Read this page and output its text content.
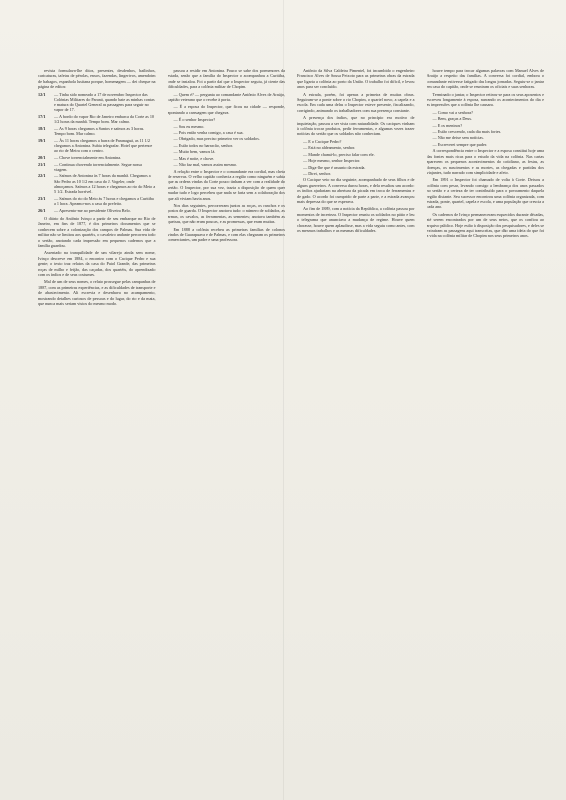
revista formulava-lhe ditos, presentes, desdenhos, bailinhos, caricaturas, tafetas de pérolas, enxos, fazendas, lingerivos, amendoim de babagos, espanhola lusitana porque, homenagem — dei cheque na página de editos:

12/1	— Tinha sido nomeado a 17 de novembro Inspector das Colónias Militares do Paraná, quando bate as minhas contas e matura do Quartel General as passagens para seguir no vapor de 17.
17/1	— A bordo do vapor Rio de Janeiro embarca da Corte as 10 1/2 horas da manhã. Tempo bom. Mar calmo.
18/1	— As 9 horas chegamos a Santos e saímos as 3 horas. Tempo bom. Mar calmo.
19/1	— Às 11 horas chegamos a barra de Paranaguá, as 11 1/2 chegamos a Antonina. Subia telegrafar. Hotel que pertence ao rio de Meira com o centro.
20/1	— Chove torrencialmente em Antonina.
21/1	— Continua chovendo torrencialmente. Segue nossa viagem.
22/1	— Saímos de Antonina às 7 horas da manhã. Chegamos a São Pedro as 10 1/2 em casa do J. Vogeler, onde almoçamos. Saímos a 12 horas e chegamos ao rio do Meio a 5 1/2. Estrada horrível.
23/1	— Saímos do rio do Meio às 7 horas e chegamos a Curitiba a 1 hora. Apeamo-nos a casa do prefeito.
26/1	— Apresento-me ao presidente Oliveira Belo.

O diário do Antônio Ivinço a partir de seu embarque no Rio de Janeiro, em fins de 1877, é dos primeiros documentos que se conhecem sobre a colonização dos campos de Palmas. Sua vida de militar não se limitou aos quartéis, o cavaleiro andante percorreu todo o sertão, anotando cada impressão em pequenos cadernos que a família guardou.

Assentado na tranquilidade de um vilarejo ainda sem nome, Ivinço descreve em 1884, o encontro com o Cacique Pedro e sua gente; o texto traz relatos da casa do Paiol Grande, das primeiras roças de milho e feijão, das caçadas, dos quartéis, do aprendizado com os índios e de seus costumes.

Mal de um de seus nomes, o relato prossegue pelas campanhas de 1887, com as primeiras experiências, e as dificuldades de transporte e de abastecimento. Ali escrevia e desenhava no acampamento, mostrando detalhes curiosos de pessoas e do lugar, do rio e da mata, que nunca mais seriam vistos do mesmo modo.

passou a residir em Antonina. Pouco se sabe dos pormenores da estada, senão que a família do Inspector o acompanhou a Curitiba, onde se instalou. Foi a partir daí que o Inspector seguiu, já ciente das dificuldades, para a colônia militar de Chopim.

— Quem é? — pergunta ao comandante Antônio Alves de Araújo, capitão veterano que o recebe à porta.

— É a esposa do Inspector, que ficou na cidade — responde, apontando a carruagem que chegava.

— É o senhor Inspector?

— Sou eu mesmo.

— Pois então venha comigo, a casa é sua.

— Obrigado, mas preciso primeiro ver os soldados.

— Estão todos no barracão, senhor.

— Muito bem, vamos lá.

— Mas é noite, e chove.

— Não faz mal, vamos assim mesmo.

A relação entre o Inspector e o comandante era cordial, mas cheia de reservas. O velho capitão conhecia a região como ninguém e sabia que as ordens vindas da Corte pouco tinham a ver com a realidade do sertão. O Inspector, por sua vez, trazia a disposição de quem quer mudar tudo e logo percebeu que nada se faria sem a colaboração dos que ali viviam havia anos.

Nos dias seguintes, percorreram juntos as roças, os ranchos e os postos de guarda. O Inspector anotava tudo: o número de soldados, as armas, os cavalos, as ferramentas, as sementes; anotava também as queixas, que não eram poucas, e as promessas, que eram muitas.

Em 1888 a colônia recebeu as primeiras famílias de colonos vindos de Guarapuava e de Palmas, e com elas chegaram os primeiros comerciantes, um padre e uma professora.

Antônio da Silva Caldeira Pimentel, foi incumbido o engenheiro Francisco Alves de Sousa Peixoto para as primeiras obras da estrada que ligaria a colônia ao porto da União. O trabalho foi difícil, e levou anos para ser concluído.

A estrada, porém, foi apenas a primeira de muitas obras. Seguiram-se a ponte sobre o rio Chopim, o quartel novo, a capela e a escola. Em cada uma delas o Inspector esteve presente, fiscalizando, corrigindo, animando os trabalhadores com sua presença constante.

A presença dos índios, que no princípio era motivo de inquietação, passou a ser vista com naturalidade. Os caciques vinham à colônia trocar produtos, pedir ferramentas, e algumas vezes trazer notícias do sertão que os soldados não conheciam.

— E o Cacique Pedro?

— Está no aldeamento, senhor.

— Mande chamá-lo, preciso falar com ele.

— Hoje mesmo, senhor Inspector.

— Diga-lhe que é assunto da estrada.

— Direi, senhor.

O Cacique veio no dia seguinte, acompanhado de seus filhos e de alguns guerreiros. A conversa durou horas, e dela resultou um acordo: os índios ajudariam na abertura da picada em troca de ferramentas e de gado. O acordo foi cumprido de parte a parte, e a estrada avançou mais depressa do que se esperava.

Ao fim de 1889, com a notícia da República, a colônia passou por momentos de incerteza. O Inspector reuniu os soldados no pátio e leu o telegrama que anunciava a mudança de regime. Houve quem chorasse, houve quem aplaudisse, mas a vida seguiu como antes, com os mesmos trabalhos e as mesmas dificuldades.

houve tempo para trocar algumas palavras com Manuel Alves de Araújo a respeito das famílias. A conversa foi cordial, embora o comandante estivesse fatigado das longas jornadas. Seguiu-se o jantar em casa do capitão, onde se reuniram os oficiais e suas senhoras.

Terminado o jantar, o Inspector retirou-se para os seus aposentos e escreveu longamente à esposa, narrando os acontecimentos do dia e as impressões que a colônia lhe causara.

— Como vai a senhora?

— Bem, graças a Deus.

— E os meninos?

— Estão crescendo, cada dia mais fortes.

— Não me deixe sem notícias.

— Escreverei sempre que puder.

A correspondência entre o Inspector e a esposa constitui hoje uma das fontes mais ricas para o estudo da vida na colônia. Nas cartas aparecem os pequenos acontecimentos do cotidiano, as festas, as doenças, os nascimentos e as mortes, as chegadas e partidas dos viajantes, tudo narrado com simplicidade e afeto.

Em 1891 o Inspector foi chamado de volta à Corte. Deixou a colônia com pesar, levando consigo a lembrança dos anos passados no sertão e a certeza de ter contribuído para o povoamento daquela região distante. Seu sucessor encontrou uma colônia organizada, com estrada, ponte, quartel, capela e escola, e uma população que crescia a cada ano.

Os cadernos de Ivinço permaneceram esquecidos durante décadas, até serem encontrados por um de seus netos, que os confiou ao arquivo público. Hoje estão à disposição dos pesquisadores, e deles se extraíram as passagens aqui transcritas, que dão uma ideia do que foi a vida na colônia militar de Chopim nos seus primeiros anos.
